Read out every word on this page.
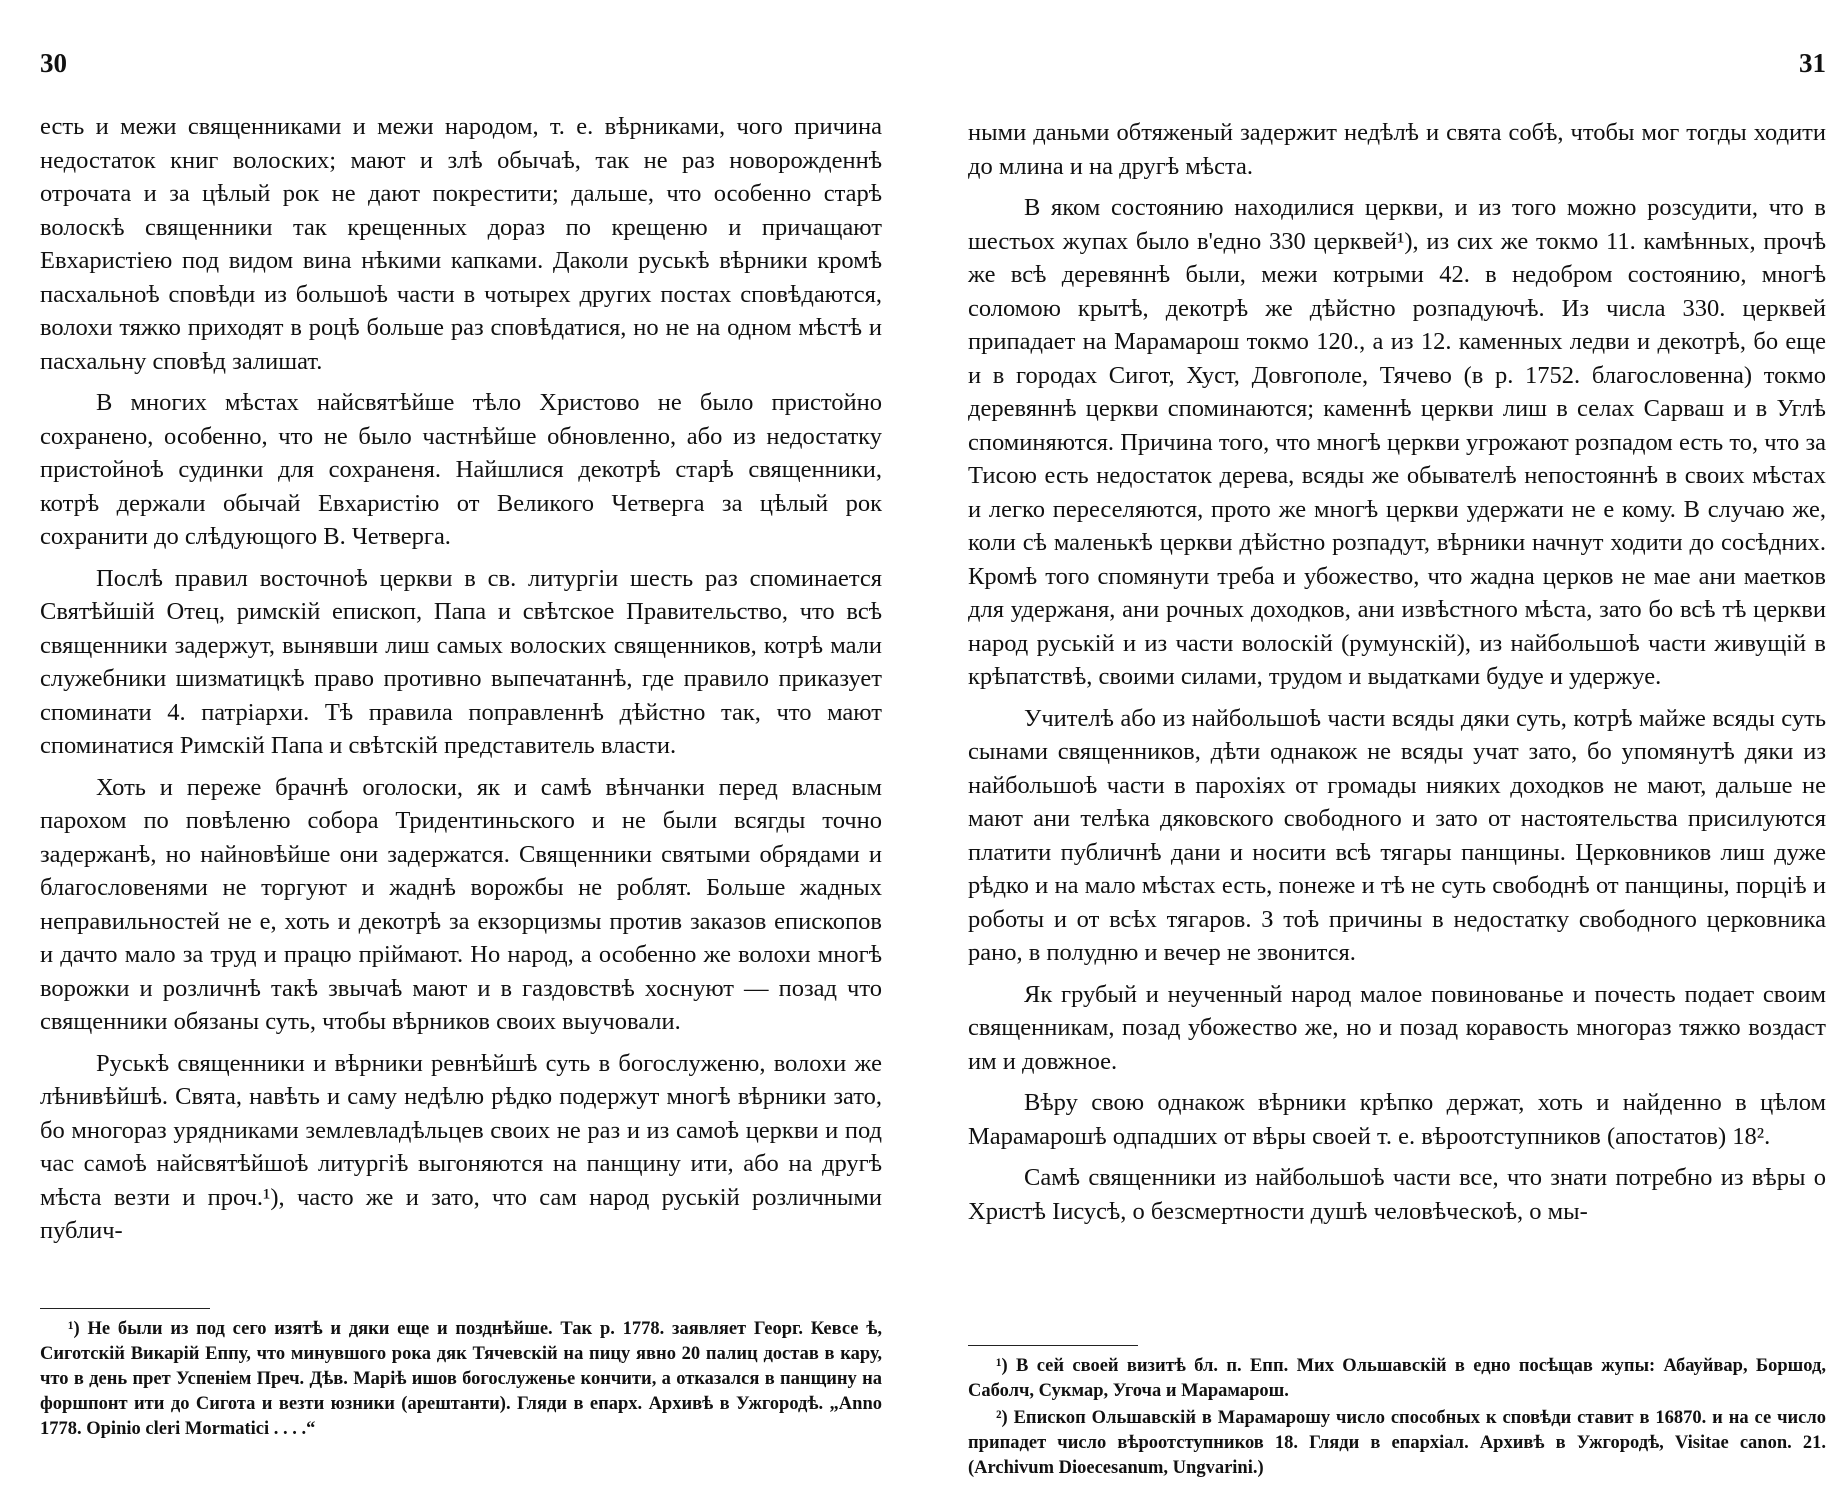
30

есть и межи священниками и межи народом, т. е. вѣрниками, чого причина недостаток книг волоских; мают и злѣ обычаѣ, так не раз новорожденнѣ отрочата и за цѣлый рок не дают покрестити; дальше, что особенно старѣ волоскѣ священники так крещенных дораз по крещеню и причащают Евхаристіею под видом вина нѣкими капками. Даколи руськѣ вѣрники кромѣ пасхальноѣ сповѣди из большоѣ части в чотырех других постах сповѣдаются, волохи тяжко приходят в роцѣ больше раз сповѣдатися, но не на одном мѣстѣ и пасхальну сповѣд залишат.

В многих мѣстах найсвятѣйше тѣло Христово не было пристойно сохранено, особенно, что не было частнѣйше обновленно, або из недостатку пристойноѣ судинки для сохраненя. Найшлися декотрѣ старѣ священники, котрѣ держали обычай Евхаристію от Великого Четверга за цѣлый рок сохранити до слѣдующого В. Четверга.

Послѣ правил восточноѣ церкви в св. литургіи шесть раз споминается Святѣйшій Отец, римскій епископ, Папа и свѣтское Правительство, что всѣ священники задержут, вынявши лиш самых волоских священников, котрѣ мали служебники шизматицкѣ право противно выпечатаннѣ, где правило приказует споминати 4. патріархи. Тѣ правила поправленнѣ дѣйстно так, что мают споминатися Римскій Папа и свѣтскій представитель власти.

Хоть и переже брачнѣ оголоски, як и самѣ вѣнчанки перед власным парохом по повѣленю собора Тридентиньского и не были всягды точно задержанѣ, но найновѣйше они задержатся. Священники святыми обрядами и благословенями не торгуют и жаднѣ ворожбы не роблят. Больше жадных неправильностей не е, хоть и декотрѣ за екзорцизмы против заказов епископов и дачто мало за труд и працю пріймают. Но народ, а особенно же волохи многѣ ворожки и розличнѣ такѣ звычаѣ мают и в газдовствѣ хоснуют — позад что священники обязаны суть, чтобы вѣрников своих выучовали.

Руськѣ священники и вѣрники ревнѣйшѣ суть в богослуженю, волохи же лѣнивѣйшѣ. Свята, навѣть и саму недѣлю рѣдко подержут многѣ вѣрники зато, бо многораз урядниками землевладѣльцев своих не раз и из самоѣ церкви и под час самоѣ найсвятѣйшоѣ литургіѣ выгоняются на панщину ити, або на другѣ мѣста везти и проч.¹), часто же и зато, что сам народ руській розличными публич-

¹) Не были из под сего изятѣ и дяки еще и позднѣйше. Так р. 1778. заявляет Георг. Кевсе ѣ, Сиготскій Викарій Еппу, что минувшого рока дяк Тячевскій на пицу явно 20 палиц достав в кару, что в день прет Успеніем Преч. Дѣв. Маріѣ ишов богослуженье кончити, а отказался в панщину на форшпонт ити до Сигота и везти юзники (арештанти). Гляди в епарх. Архивѣ в Ужгородѣ. „Anno 1778. Opinio cleri Mormatici . . . .“

31

ными даньми обтяженый задержит недѣлѣ и свята собѣ, чтобы мог тогды ходити до млина и на другѣ мѣста.

В яком состоянию находилися церкви, и из того можно розсудити, что в шестьох жупах было в'едно 330 церквей¹), из сих же токмо 11. камѣнных, прочѣ же всѣ деревяннѣ были, межи котрыми 42. в недобром состоянию, многѣ соломою крытѣ, декотрѣ же дѣйстно розпадуючѣ. Из числа 330. церквей припадает на Марамарош токмо 120., а из 12. каменных ледви и декотрѣ, бо еще и в городах Сигот, Хуст, Довгополе, Тячево (в р. 1752. благословенна) токмо деревяннѣ церкви споминаются; каменнѣ церкви лиш в селах Сарваш и в Углѣ споминяются. Причина того, что многѣ церкви угрожают розпадом есть то, что за Тисою есть недостаток дерева, всяды же обывателѣ непостояннѣ в своих мѣстах и легко переселяются, прото же многѣ церкви удержати не е кому. В случаю же, коли сѣ маленькѣ церкви дѣйстно розпадут, вѣрники начнут ходити до сосѣдних. Кромѣ того спомянути треба и убожество, что жадна церков не мае ани маетков для удержаня, ани рочных доходков, ани извѣстного мѣста, зато бо всѣ тѣ церкви народ руській и из части волоскій (румунскій), из найбольшоѣ части живущій в крѣпатствѣ, своими силами, трудом и выдатками будуе и удержуе.

Учителѣ або из найбольшоѣ части всяды дяки суть, котрѣ майже всяды суть сынами священников, дѣти однакож не всяды учат зато, бо упомянутѣ дяки из найбольшоѣ части в парохіях от громады нияких доходков не мают, дальше не мают ани телѣка дяковского свободного и зато от настоятельства присилуются платити публичнѣ дани и носити всѣ тягары панщины. Церковников лиш дуже рѣдко и на мало мѣстах есть, понеже и тѣ не суть свободнѣ от панщины, порціѣ и роботы и от всѣх тягаров. З тоѣ причины в недостатку свободного церковника рано, в полудню и вечер не звонится.

Як грубый и неученный народ малое повинованье и почесть подает своим священникам, позад убожество же, но и позад коравость многораз тяжко воздаст им и довжное.

Вѣру свою однакож вѣрники крѣпко держат, хоть и найденно в цѣлом Марамарошѣ одпадших от вѣры своей т. е. вѣроотступников (апостатов) 18².

Самѣ священники из найбольшоѣ части все, что знати потребно из вѣры о Христѣ Іисусѣ, о безсмертности душѣ человѣческоѣ, о мы-

¹) В сей своей визитѣ бл. п. Епп. Мих Ольшавскій в едно посѣщав жупы: Абауйвар, Боршод, Саболч, Сукмар, Угоча и Марамарош.

²) Епископ Ольшавскій в Марамарошу число способных к сповѣди ставит в 16870. и на се число припадет число вѣроотступников 18. Гляди в епархіал. Архивѣ в Ужгородѣ, Visitae canon. 21. (Archivum Dioecesanum, Ungvarini.)
